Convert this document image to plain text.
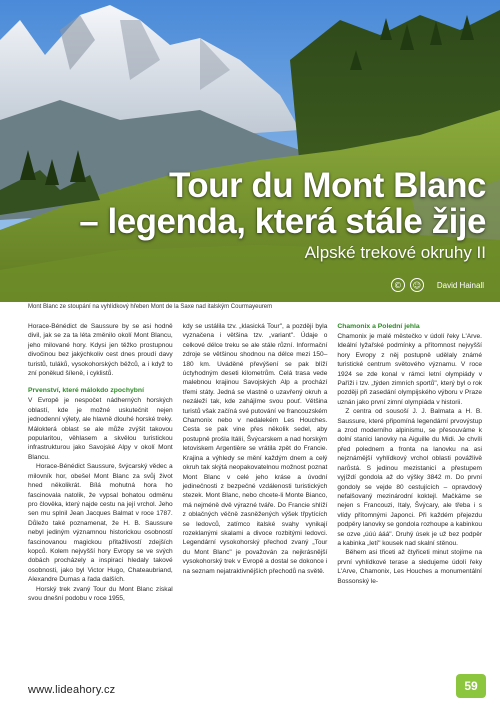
Tour du Mont Blanc
– legenda, která stále žije
Alpské trekové okruhy II
©	☺	David Hainall
Mont Blanc ze stoupání na vyhlídkový hřeben Mont de la Saxe nad italským Courmayeurem

Horace-Bénédict de Saussure by se asi hodně divil, jak se za ta léta změnilo okolí Mont Blancu, jeho milované hory. Kdysi jen těžko prostupnou divočinou bez jakýchkoliv cest dnes proudí davy turistů, tuláků, vysokohorských běžců, a i když to zní poněkud šíleně, i cyklistů.

Prvenství, které málokdo zpochybní

V Evropě je nespočet nádherných horských oblastí, kde je možné uskutečnit nejen jednodenní výlety, ale hlavně dlouhé horské treky. Málokterá oblast se ale může zvýšit takovou popularitou, věhlasem a skvělou turistickou infrastrukturou jako Savojské Alpy v okolí Mont Blancu.

Horace-Bénédict Saussure, švýcarský vědec a milovník hor, obešel Mont Blanc za svůj život hned několikrát. Bílá mohutná hora ho fascinovala natolik, že vypsal bohatou odměnu pro člověka, který najde cestu na její vrchol. Jeho sen mu splnil Jean Jacques Balmat v roce 1787. Důležo také poznamenat, že H. B. Saussure nebyl jediným významnou historickou osobností fascinovanou magickou přitažlivostí zdejších kopců. Kolem nejvyšší hory Evropy se ve svých dobách procházely a inspiraci hledaly takové osobnosti, jako byl Victor Hugo, Chateaubriand, Alexandre Dumas a řada dalších.

Horský trek zvaný Tour du Mont Blanc získal svou dnešní podobu v roce 1955,

kdy se ustálila tzv. „klasická Tour", a později byla vyznačena i většina tzv. „variant". Údaje o celkové délce treku se ale stále různí. Informační zdroje se většinou shodnou na délce mezi 150–180 km. Uváděné převýšení se pak blíží úctyhodným deseti kilometrům. Celá trasa vede malebnou krajinou Savojských Alp a prochází třemi státy. Jedná se vlastně o uzavřený okruh a nezáleží tak, kde zahájíme svou pouť. Většina turistů však začíná své putování ve francouzském Chamonix nebo v nedalekém Les Houches. Cesta se pak vine přes několik sedel, aby postupně prošla Itálií, Švýcarskem a nad horským letoviskem Argentière se vrátila zpět do Francie. Krajina a výhledy se mění každým dnem a celý okruh tak skýtá neopakovatelnou možnost poznat Mont Blanc v celé jeho kráse a úvodní jedinečnosti z bezpečné vzdálenosti turistických stezek. Mont Blanc, nebo chcete-li Monte Bianco, má nejméně dvě výrazné tváře. Do Francie shlíží z oblačných věčně zasněžených výšek třpytících se ledovců, zatímco italské svahy vynikají rozeklanými skalami a divoce rozbitými ledovci. Legendární vysokohorský přechod zvaný „Tour du Mont Blanc" je považován za nejkrásnější vysokohorský trek v Evropě a dostal se dokonce i na seznam nejatraktivnějších přechodů na světě.

Chamonix a Polední jehla

Chamonix je malé městečko v údolí řeky L'Arve. Ideální lyžařské podmínky a přítomnost nejvyšší hory Evropy z něj postupně udělaly známé turistické centrum světového významu. V roce 1924 se zde konal v rámci letní olympiády v Paříži i tzv. „týden zimních sportů", který byl o rok později při zasedání olympijského výboru v Praze uznán jako první zimní olympiáda v historii.

Z centra od sousoší J. J. Balmata a H. B. Saussure, které připomíná legendární prvovýstup a zrod moderního alpinismu, se přesouváme k dolní stanici lanovky na Aiguille du Midi. Je chvíli před polednem a fronta na lanovku na asi nejznámější vyhlídkový vrchol oblasti povážlivě narůstá. S jedinou mezistanicí a přestupem vyjíždí gondola až do výšky 3842 m. Do první gondoly se vejde 80 cestujících – opravdový nefalšovaný mezinárodní koktejl. Mačkáme se nejen s Francouzi, Italy, Švýcary, ale třeba i s vlídy přítomnými Japonci. Při každém přejezdu podpěry lanovky se gondola rozhoupe a kabinkou se ozve „úúú ááá". Druhý úsek je už bez podpěr a kabinka „letí" kousek nad skalní stěnou.

Během asi třiceti až čtyřiceti minut stojíme na první vyhlídkové terase a sledujeme údolí řeky L'Arve, Chamonix, Les Houches a monumentální Bossonský le-

www.lideahory.cz	59
